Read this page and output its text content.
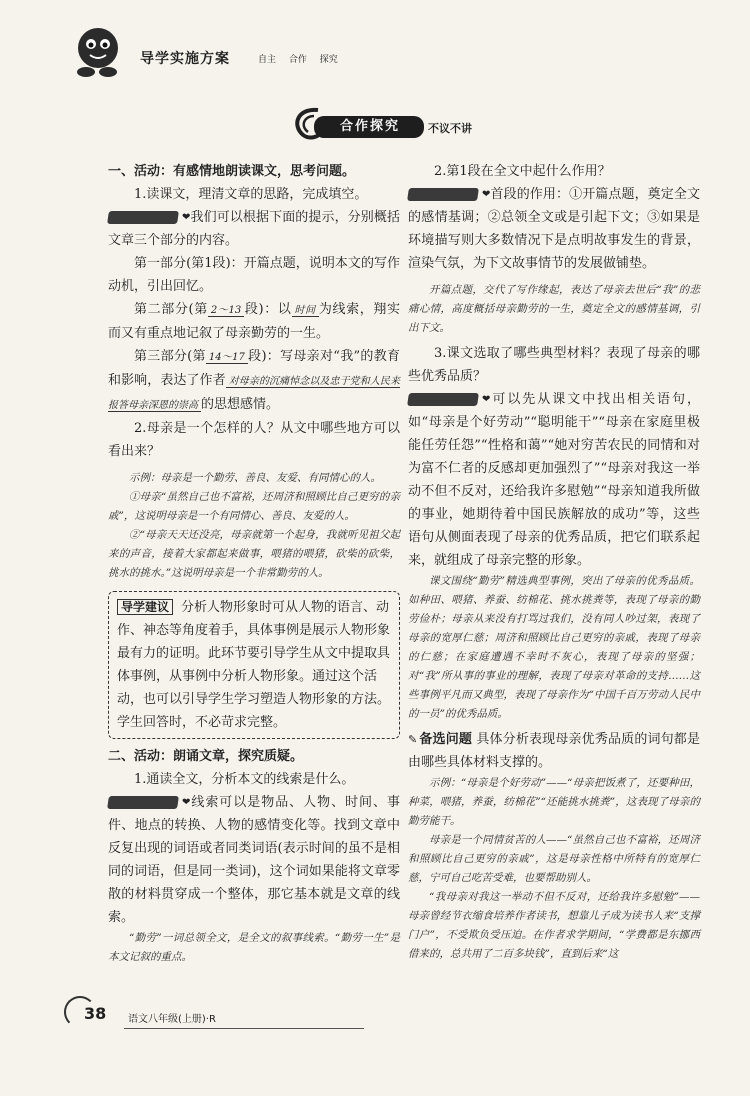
导学实施方案	自主 合作 探究
合作探究	不议不讲
一、活动：有感情地朗读课文，思考问题。
1.读课文，理清文章的思路，完成填空。
❤ 我们可以根据下面的提示，分别概括文章三个部分的内容。
第一部分(第1段)：开篇点题，说明本文的写作动机，引出回忆。
第二部分(第 2～13 段)：以 时间 为线索，翔实而又有重点地记叙了母亲勤劳的一生。
第三部分(第 14～17 段)：写母亲对“我”的教育和影响，表达了作者 对母亲的沉痛悼念以及忠于党和人民来报答母亲深恩的崇高 的思想感情。
2.母亲是一个怎样的人？从文中哪些地方可以看出来？
示例：母亲是一个勤劳、善良、友爱、有同情心的人。
①母亲“虽然自己也不富裕，还周济和照顾比自己更穷的亲戚”，这说明母亲是一个有同情心、善良、友爱的人。
②“母亲天天还没亮，母亲就第一个起身，我就听见祖父起来的声音，接着大家都起来做事，喂猪的喂猪，砍柴的砍柴，挑水的挑水。”这说明母亲是一个非常勤劳的人。
导学建议 分析人物形象时可从人物的语言、动作、神态等角度着手，具体事例是展示人物形象最有力的证明。此环节要引导学生从文中提取具体事例，从事例中分析人物形象。通过这个活动，也可以引导学生学习塑造人物形象的方法。学生回答时，不必苛求完整。
二、活动：朗诵文章，探究质疑。
1.通读全文，分析本文的线索是什么。
❤ 线索可以是物品、人物、时间、事件、地点的转换、人物的感情变化等。找到文章中反复出现的词语或者同类词语(表示时间的虽不是相同的词语，但是同一类词)，这个词如果能将文章零散的材料贯穿成一个整体，那它基本就是文章的线索。
“勤劳”一词总领全文，是全文的叙事线索。“勤劳一生”是本文记叙的重点。
2.第1段在全文中起什么作用？
❤ 首段的作用：①开篇点题，奠定全文的感情基调；②总领全文或是引起下文；③如果是环境描写则大多数情况下是点明故事发生的背景，渲染气氛，为下文故事情节的发展做铺垫。
开篇点题，交代了写作缘起，表达了母亲去世后“我”的悲痛心情，高度概括母亲勤劳的一生，奠定全文的感情基调，引出下文。
3.课文选取了哪些典型材料？表现了母亲的哪些优秀品质？
❤ 可以先从课文中找出相关语句，如“母亲是个好劳动”“聪明能干”“母亲在家庭里极能任劳任怨”“性格和蔼”“她对穷苦农民的同情和对为富不仁者的反感却更加强烈了”“母亲对我这一举动不但不反对，还给我许多慰勉”“母亲知道我所做的事业，她期待着中国民族解放的成功”等，这些语句从侧面表现了母亲的优秀品质，把它们联系起来，就组成了母亲完整的形象。
课文围绕“勤劳”精选典型事例，突出了母亲的优秀品质。如种田、喂猪、养蚕、纺棉花、挑水挑粪等，表现了母亲的勤劳俭朴；母亲从来没有打骂过我们，没有同人吵过架，表现了母亲的宽厚仁慈；周济和照顾比自己更穷的亲戚，表现了母亲的仁慈；在家庭遭遇不幸时不灰心，表现了母亲的坚强；对“我”所从事的事业的理解，表现了母亲对革命的支持……这些事例平凡而又典型，表现了母亲作为“中国千百万劳动人民中的一员”的优秀品质。
✎ 备选问题 具体分析表现母亲优秀品质的词句都是由哪些具体材料支撑的。
示例：“母亲是个好劳动”——“母亲把饭煮了，还要种田，种菜，喂猪，养蚕，纺棉花”“还能挑水挑粪”，这表现了母亲的勤劳能干。
母亲是一个同情贫苦的人——“虽然自己也不富裕，还周济和照顾比自己更穷的亲戚”，这是母亲性格中所特有的宽厚仁慈，宁可自己吃苦受难，也要帮助别人。
“我母亲对我这一举动不但不反对，还给我许多慰勉”——母亲曾经节衣缩食培养作者读书，想靠儿子成为读书人来“支撑门户”，不受欺负受压迫。在作者求学期间，“学费都是东挪西借来的，总共用了二百多块钱”，直到后来“这
38 语文八年级(上册)·R
